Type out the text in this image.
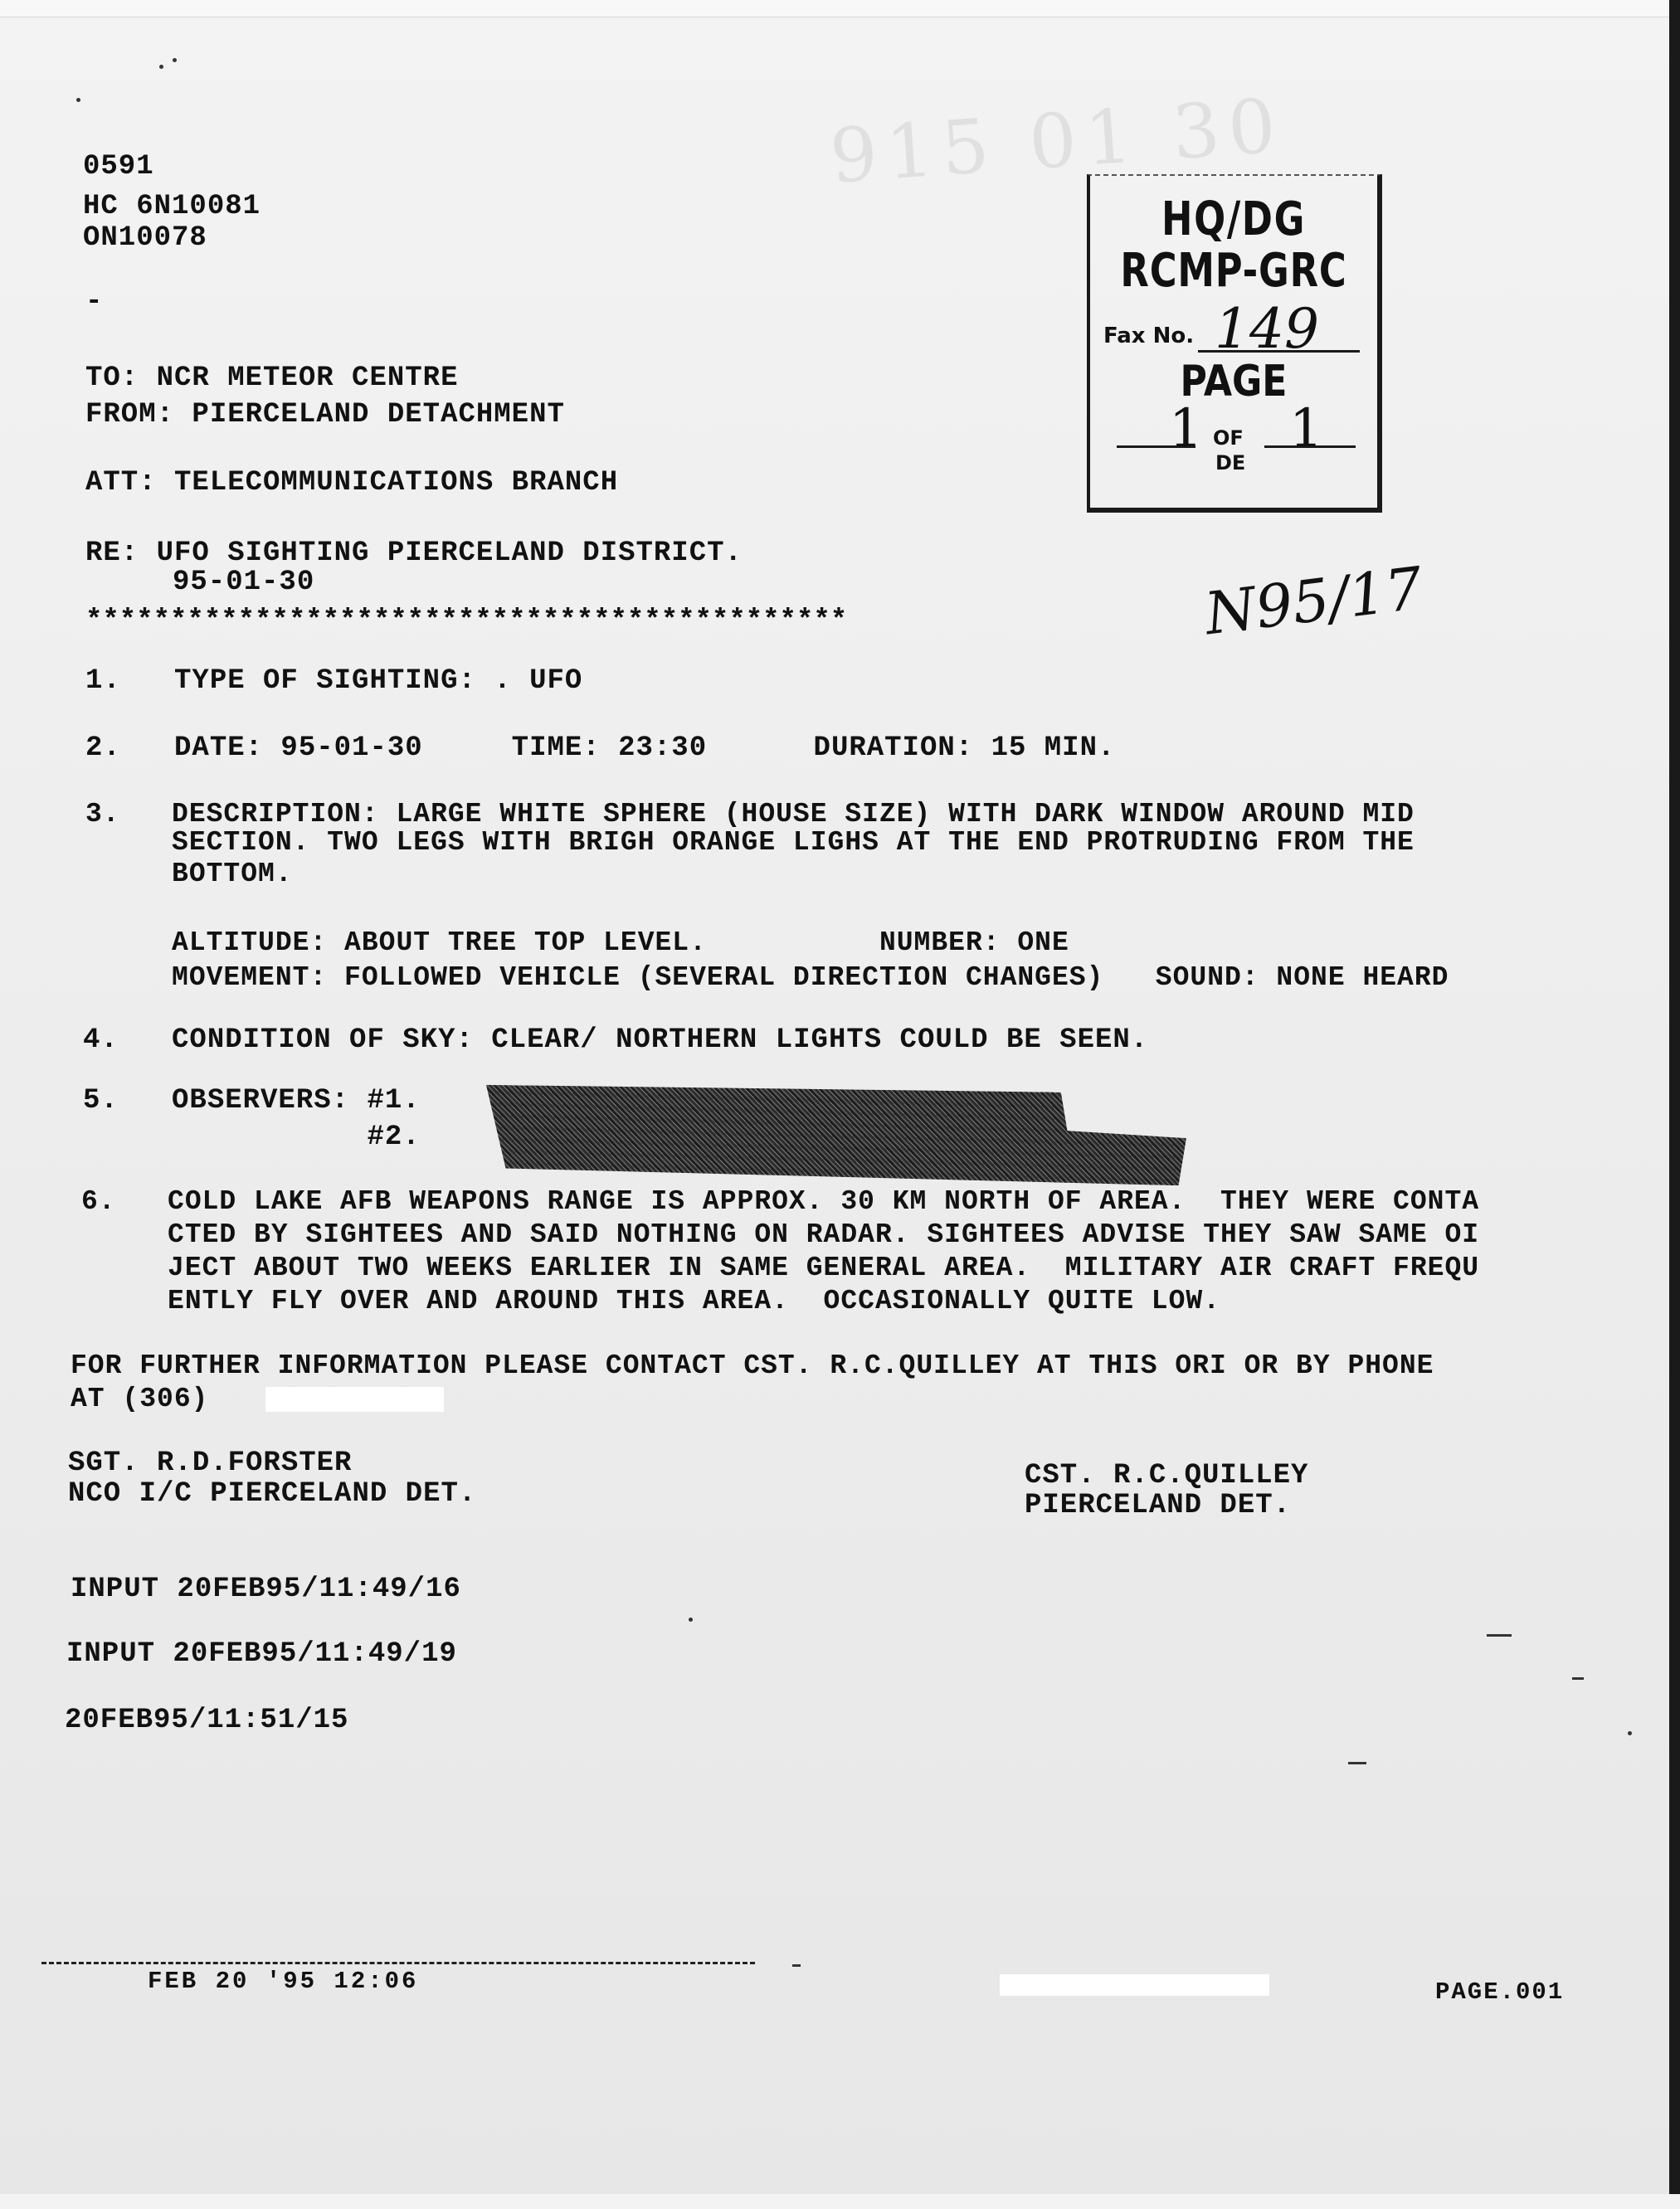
915 01 30
0591
HC 6N10081
ON10078
-
HQ/DG
RCMP-GRC
Fax No. 149
PAGE
1 OF
DE
1
N95/17
TO: NCR METEOR CENTRE
FROM: PIERCELAND DETACHMENT
ATT: TELECOMMUNICATIONS BRANCH
RE: UFO SIGHTING PIERCELAND DISTRICT.
95-01-30
*********************************************
1.   TYPE OF SIGHTING: . UFO
2.   DATE: 95-01-30     TIME: 23:30      DURATION: 15 MIN.
3.   DESCRIPTION: LARGE WHITE SPHERE (HOUSE SIZE) WITH DARK WINDOW AROUND MID
SECTION. TWO LEGS WITH BRIGH ORANGE LIGHS AT THE END PROTRUDING FROM THE
BOTTOM.
ALTITUDE: ABOUT TREE TOP LEVEL.          NUMBER: ONE
MOVEMENT: FOLLOWED VEHICLE (SEVERAL DIRECTION CHANGES)   SOUND: NONE HEARD
4.   CONDITION OF SKY: CLEAR/ NORTHERN LIGHTS COULD BE SEEN.
5.   OBSERVERS: #1.
#2.
6.   COLD LAKE AFB WEAPONS RANGE IS APPROX. 30 KM NORTH OF AREA.  THEY WERE CONTA
CTED BY SIGHTEES AND SAID NOTHING ON RADAR. SIGHTEES ADVISE THEY SAW SAME OI
JECT ABOUT TWO WEEKS EARLIER IN SAME GENERAL AREA.  MILITARY AIR CRAFT FREQU
ENTLY FLY OVER AND AROUND THIS AREA.  OCCASIONALLY QUITE LOW.
FOR FURTHER INFORMATION PLEASE CONTACT CST. R.C.QUILLEY AT THIS ORI OR BY PHONE
AT (306)
SGT. R.D.FORSTER
NCO I/C PIERCELAND DET.
CST. R.C.QUILLEY
PIERCELAND DET.
INPUT 20FEB95/11:49/16
INPUT 20FEB95/11:49/19
20FEB95/11:51/15
FEB 20 '95 12:06	PAGE.001
